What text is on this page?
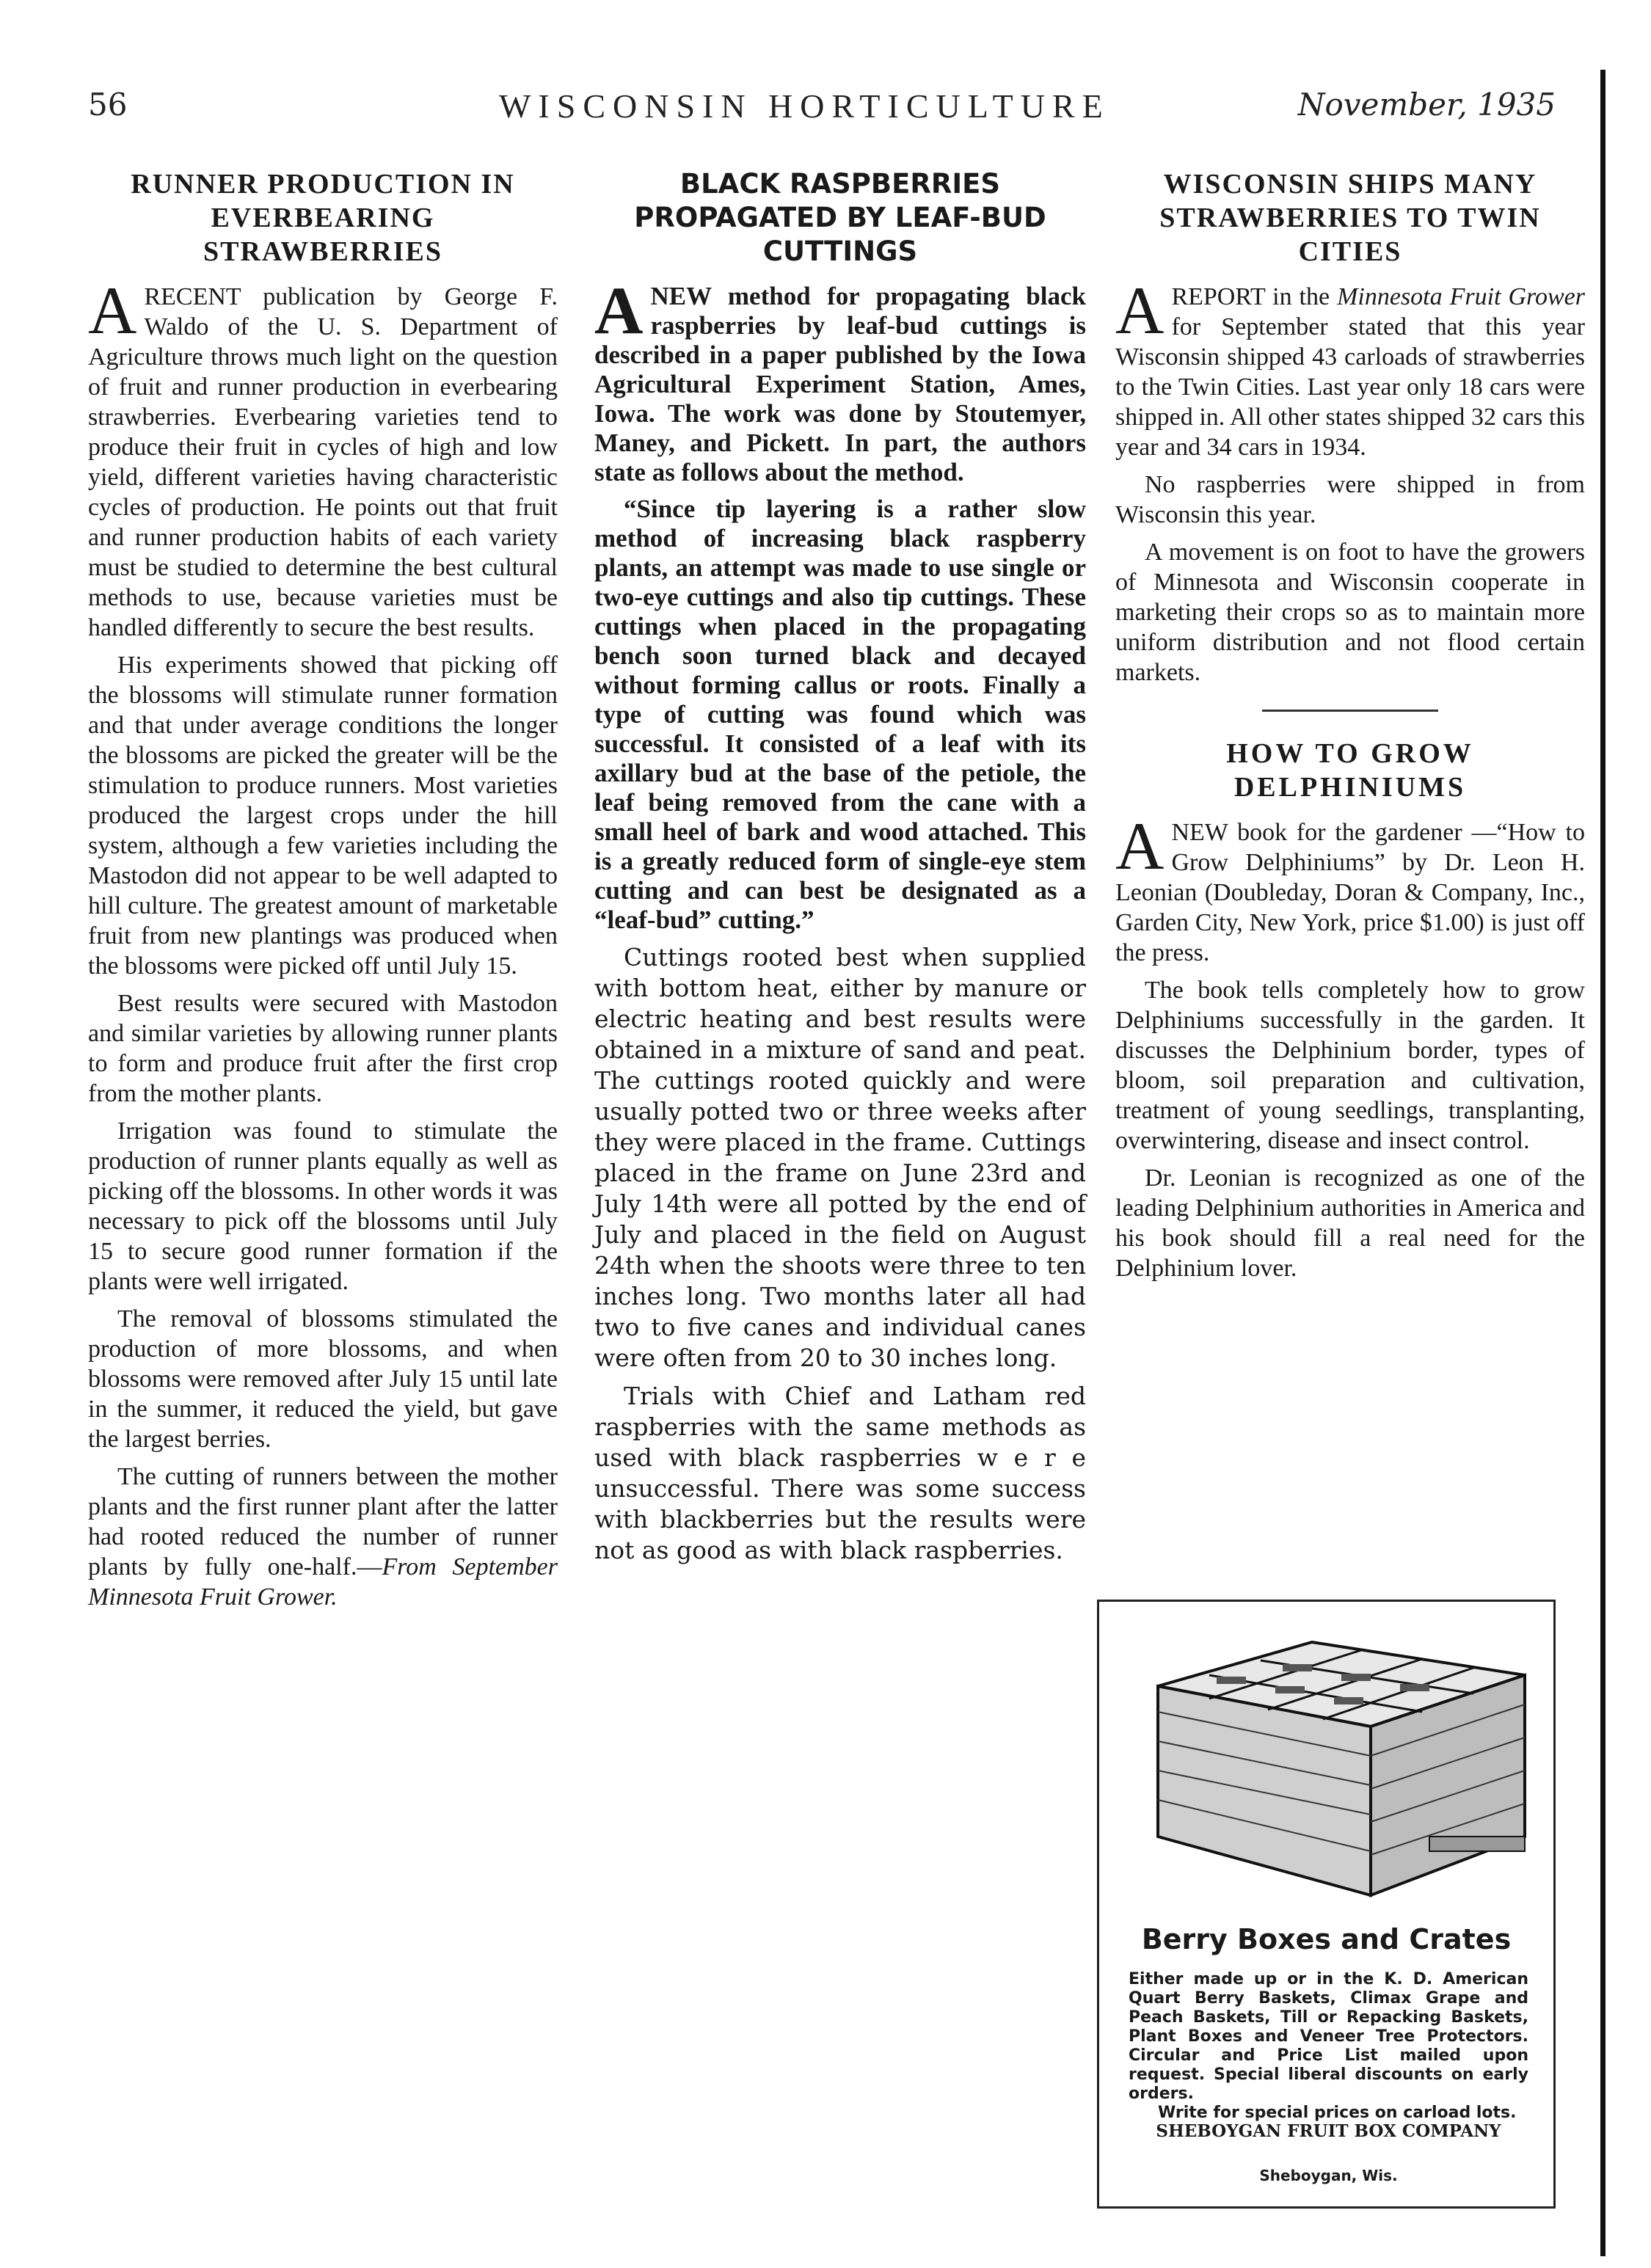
56	WISCONSIN HORTICULTURE	November, 1935
RUNNER PRODUCTION IN EVERBEARING STRAWBERRIES

ARECENT publication by George F. Waldo of the U. S. Department of Agriculture throws much light on the question of fruit and runner production in everbearing strawberries. Everbearing varieties tend to produce their fruit in cycles of high and low yield, different varieties having characteristic cycles of production. He points out that fruit and runner production habits of each variety must be studied to determine the best cultural methods to use, because varieties must be handled differently to secure the best results.

His experiments showed that picking off the blossoms will stimulate runner formation and that under average conditions the longer the blossoms are picked the greater will be the stimulation to produce runners. Most varieties produced the largest crops under the hill system, although a few varieties including the Mastodon did not appear to be well adapted to hill culture. The greatest amount of marketable fruit from new plantings was produced when the blossoms were picked off until July 15.

Best results were secured with Mastodon and similar varieties by allowing runner plants to form and produce fruit after the first crop from the mother plants.

Irrigation was found to stimulate the production of runner plants equally as well as picking off the blossoms. In other words it was necessary to pick off the blossoms until July 15 to secure good runner formation if the plants were well irrigated.

The removal of blossoms stimulated the production of more blossoms, and when blossoms were removed after July 15 until late in the summer, it reduced the yield, but gave the largest berries.

The cutting of runners between the mother plants and the first runner plant after the latter had rooted reduced the number of runner plants by fully one-half.—From September Minnesota Fruit Grower.

BLACK RASPBERRIES PROPAGATED BY LEAF-BUD CUTTINGS

ANEW method for propagating black raspberries by leaf-bud cuttings is described in a paper published by the Iowa Agricultural Experiment Station, Ames, Iowa. The work was done by Stoutemyer, Maney, and Pickett. In part, the authors state as follows about the method.

“Since tip layering is a rather slow method of increasing black raspberry plants, an attempt was made to use single or two-eye cuttings and also tip cuttings. These cuttings when placed in the propagating bench soon turned black and decayed without forming callus or roots. Finally a type of cutting was found which was successful. It consisted of a leaf with its axillary bud at the base of the petiole, the leaf being removed from the cane with a small heel of bark and wood attached. This is a greatly reduced form of single-eye stem cutting and can best be designated as a “leaf-bud” cutting.”

Cuttings rooted best when supplied with bottom heat, either by manure or electric heating and best results were obtained in a mixture of sand and peat. The cuttings rooted quickly and were usually potted two or three weeks after they were placed in the frame. Cuttings placed in the frame on June 23rd and July 14th were all potted by the end of July and placed in the field on August 24th when the shoots were three to ten inches long. Two months later all had two to five canes and individual canes were often from 20 to 30 inches long.

Trials with Chief and Latham red raspberries with the same methods as used with black raspberries w e r e unsuccessful. There was some success with blackberries but the results were not as good as with black raspberries.

WISCONSIN SHIPS MANY STRAWBERRIES TO TWIN CITIES

AREPORT in the Minnesota Fruit Grower for September stated that this year Wisconsin shipped 43 carloads of strawberries to the Twin Cities. Last year only 18 cars were shipped in. All other states shipped 32 cars this year and 34 cars in 1934.

No raspberries were shipped in from Wisconsin this year.

A movement is on foot to have the growers of Minnesota and Wisconsin cooperate in marketing their crops so as to maintain more uniform distribution and not flood certain markets.

HOW TO GROW DELPHINIUMS

ANEW book for the gardener —“How to Grow Delphiniums” by Dr. Leon H. Leonian (Doubleday, Doran & Company, Inc., Garden City, New York, price $1.00) is just off the press.

The book tells completely how to grow Delphiniums successfully in the garden. It discusses the Delphinium border, types of bloom, soil preparation and cultivation, treatment of young seedlings, transplanting, overwintering, disease and insect control.

Dr. Leonian is recognized as one of the leading Delphinium authorities in America and his book should fill a real need for the Delphinium lover.

Berry Boxes and Crates
Either made up or in the K. D. American Quart Berry Baskets, Climax Grape and Peach Baskets, Till or Repacking Baskets, Plant Boxes and Veneer Tree Protectors. Circular and Price List mailed upon request. Special liberal discounts on early orders.
Write for special prices on carload lots.
SHEBOYGAN FRUIT BOX COMPANY
Sheboygan, Wis.
